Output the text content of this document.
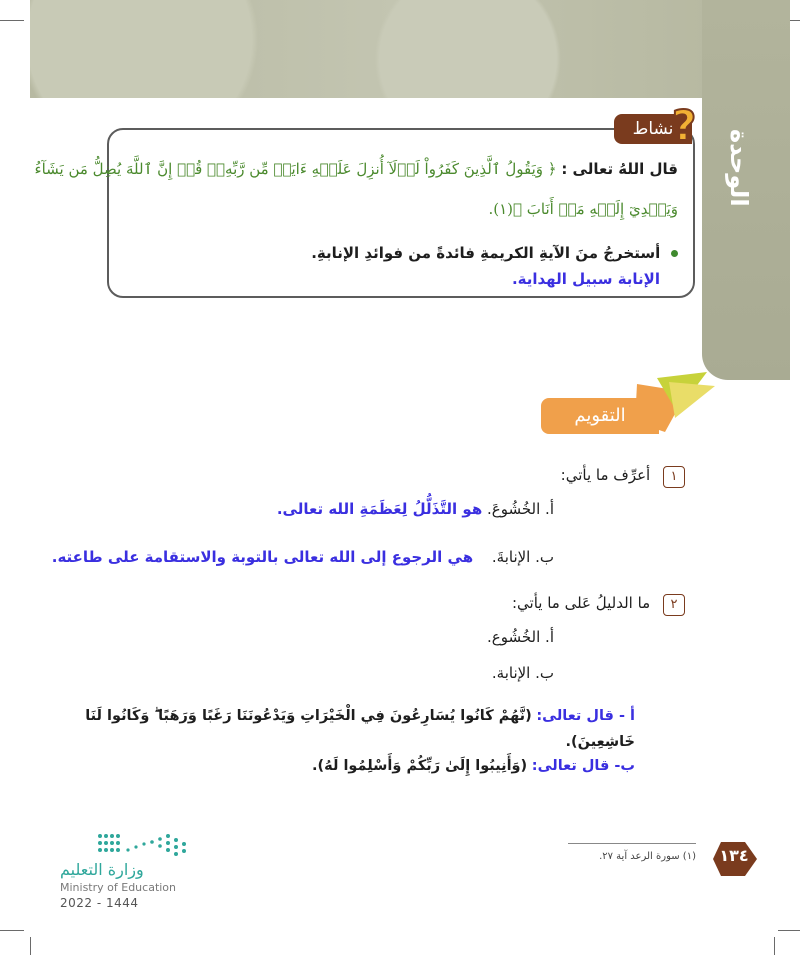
الوحدة
نشاط
?
قال اللهُ تعالى : ﴿ وَيَقُولُ ٱلَّذِينَ كَفَرُواْ لَوۡلَآ أُنزِلَ عَلَيۡهِ ءَايَةٞ مِّن رَّبِّهِۦۗ قُلۡ إِنَّ ٱللَّهَ يُضِلُّ مَن يَشَآءُ
وَيَهۡدِيٓ إِلَيۡهِ مَنۡ أَنَابَ ﴾(١).
أستخرجُ منَ الآيةِ الكريمةِ فائدةً من فوائدِ الإنابةِ.
الإنابة سبيل الهداية.
التقويم
١ أعرِّف ما يأتي:
أ. الخُشُوعَ. هو التَّذَلُّلُ لِعَظَمَةِ الله تعالى.
ب. الإنابةَ. هي الرجوع إلى الله تعالى بالتوبة والاستقامة على طاعته.
٢ ما الدليلُ عَلى ما يأتي:
أ. الخُشُوع.
ب. الإنابة.
أ - قال تعالى: (نَّهُمْ كَانُوا يُسَارِعُونَ فِي الْخَيْرَاتِ وَيَدْعُونَنَا رَغَبًا وَرَهَبًا ۖ وَكَانُوا لَنَا
خَاشِعِينَ).
ب- قال تعالى: (وَأَنِيبُوا إِلَىٰ رَبِّكُمْ وَأَسْلِمُوا لَهُ).
(١) سورة الرعد آية ٢٧.	١٣٤
وزارة التعليم
Ministry of Education
2022 - 1444
